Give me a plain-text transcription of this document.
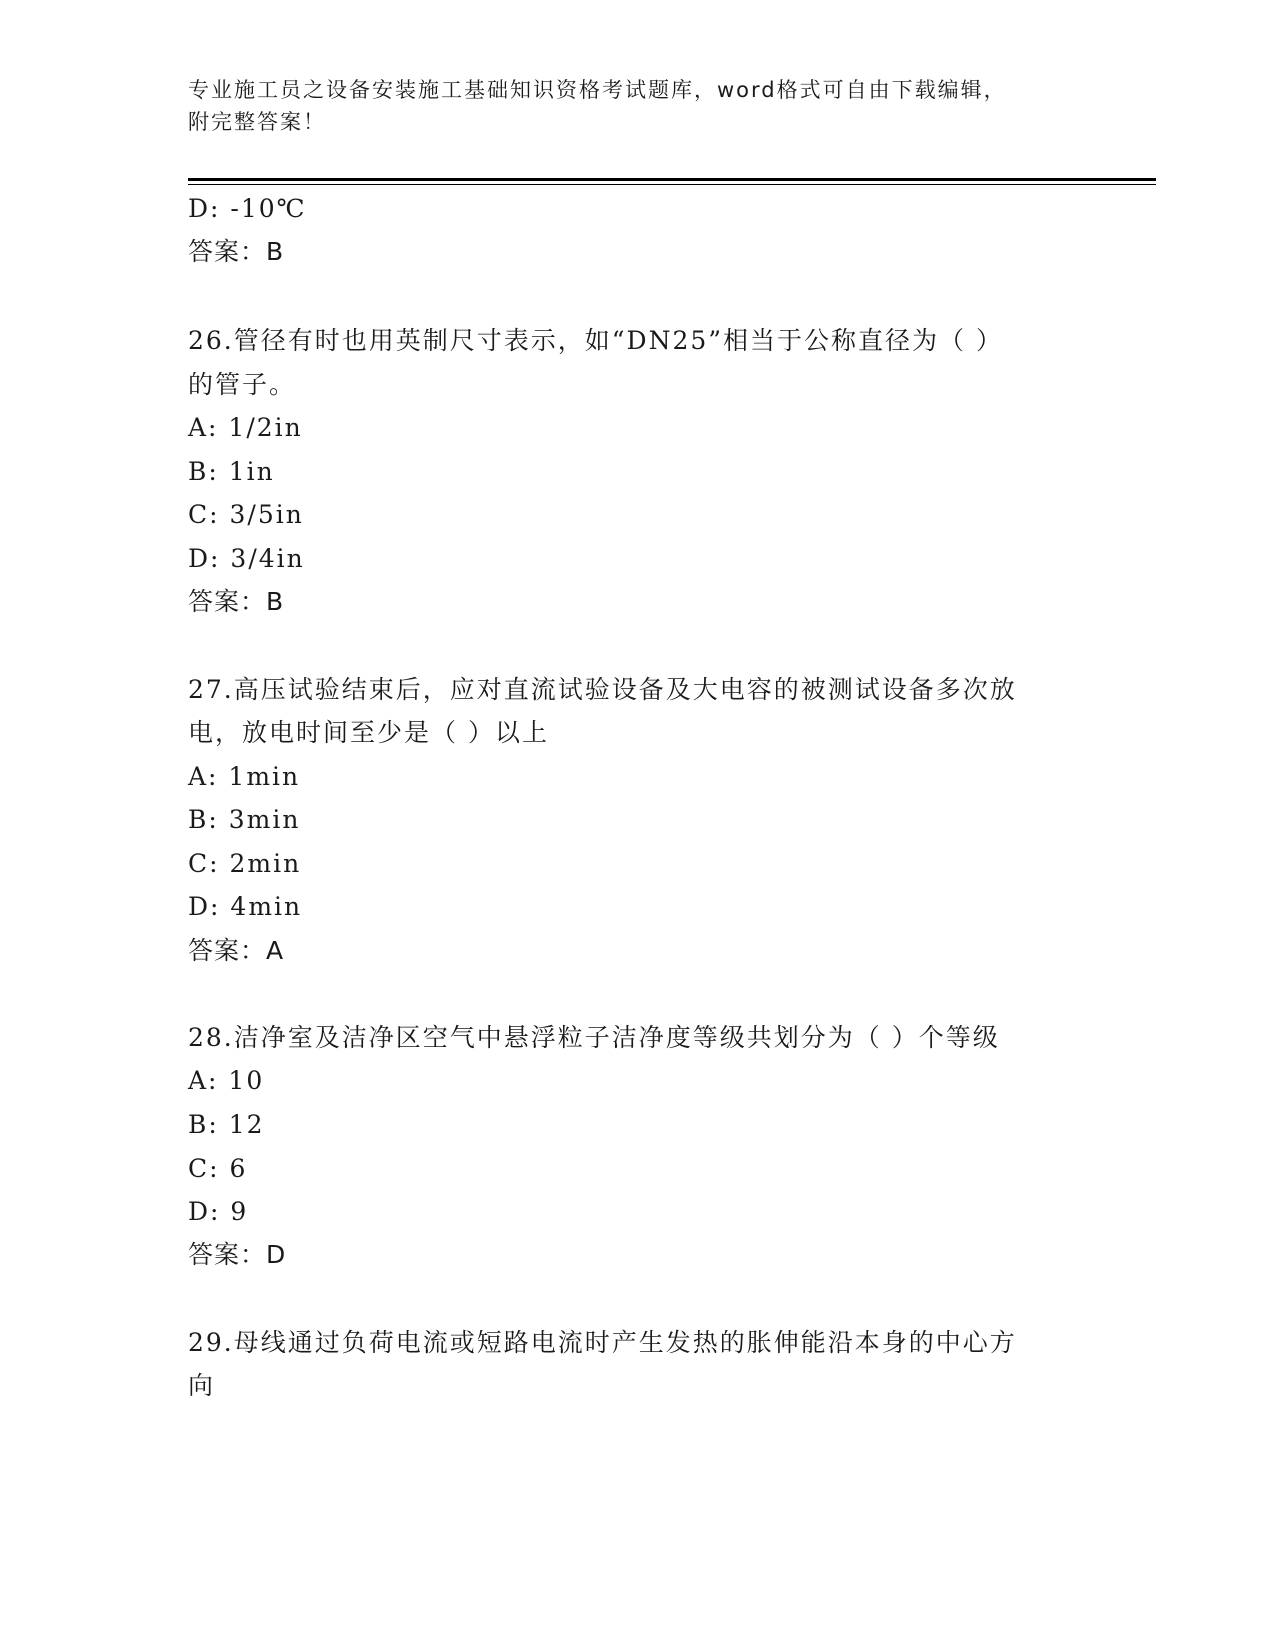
专业施工员之设备安装施工基础知识资格考试题库，word格式可自由下载编辑，
附完整答案！
D: -10℃
答案：B
26.管径有时也用英制尺寸表示，如“DN25”相当于公称直径为（ ）
的管子。
A: 1/2in
B: 1in
C: 3/5in
D: 3/4in
答案：B
27.高压试验结束后，应对直流试验设备及大电容的被测试设备多次放
电，放电时间至少是（ ）以上
A: 1min
B: 3min
C: 2min
D: 4min
答案：A
28.洁净室及洁净区空气中悬浮粒子洁净度等级共划分为（ ）个等级
A: 10
B: 12
C: 6
D: 9
答案：D
29.母线通过负荷电流或短路电流时产生发热的胀伸能沿本身的中心方
向
